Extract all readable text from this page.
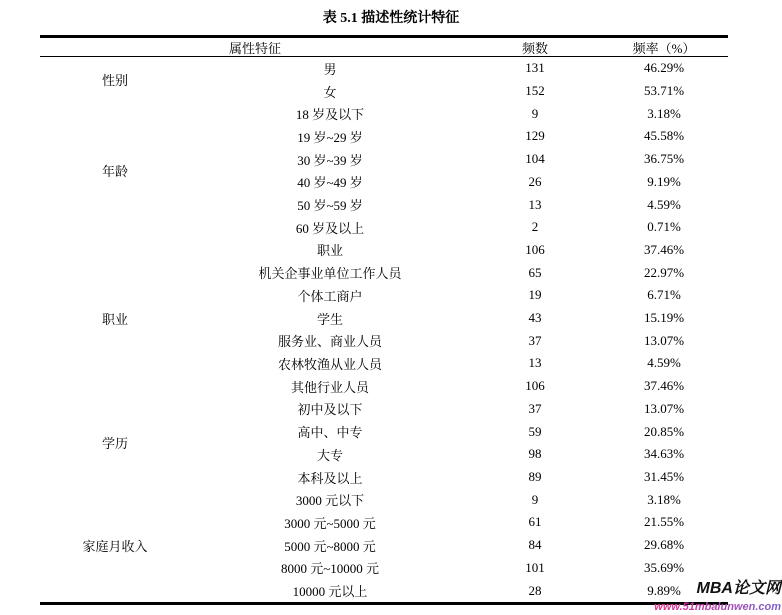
表 5.1 描述性统计特征
属性特征	频数	频率（%）
性别
男	131	46.29%
女	152	53.71%
年龄
18 岁及以下	9	3.18%
19 岁~29 岁	129	45.58%
30 岁~39 岁	104	36.75%
40 岁~49 岁	26	9.19%
50 岁~59 岁	13	4.59%
60 岁及以上	2	0.71%
职业
职业	106	37.46%
机关企事业单位工作人员	65	22.97%
个体工商户	19	6.71%
学生	43	15.19%
服务业、商业人员	37	13.07%
农林牧渔从业人员	13	4.59%
其他行业人员	106	37.46%
学历
初中及以下	37	13.07%
高中、中专	59	20.85%
大专	98	34.63%
本科及以上	89	31.45%
家庭月收入
3000 元以下	9	3.18%
3000 元~5000 元	61	21.55%
5000 元~8000 元	84	29.68%
8000 元~10000 元	101	35.69%
10000 元以上	28	9.89% MBA论文网
www.51mbalunwen.com
